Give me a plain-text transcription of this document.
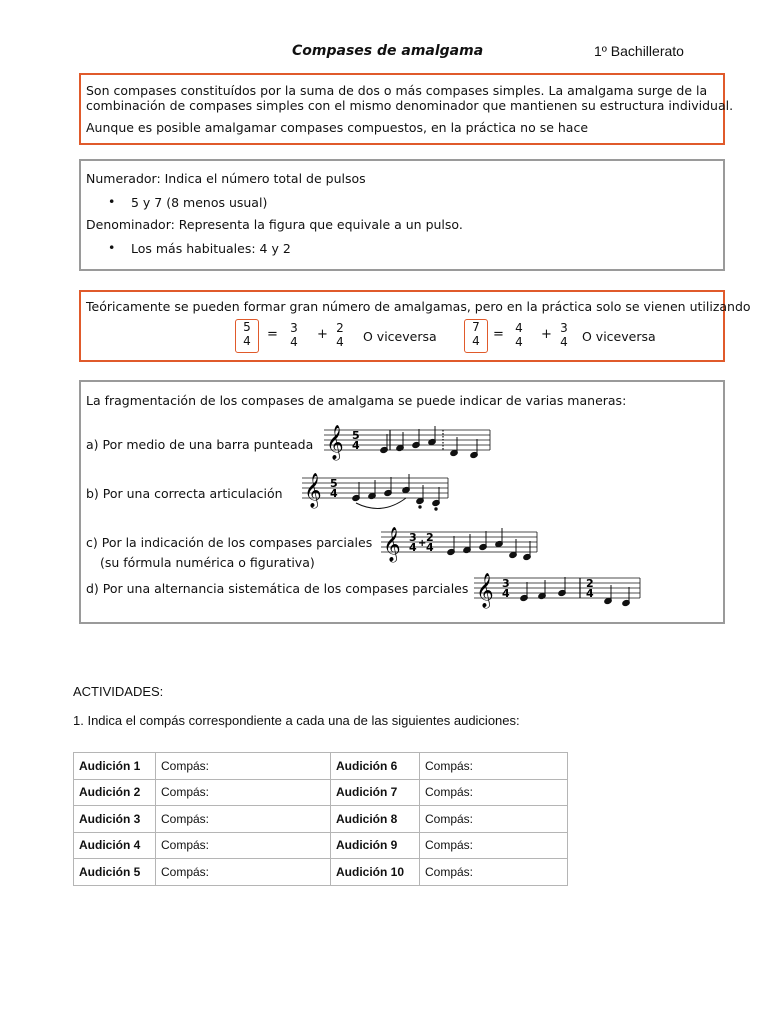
Compases de amalgama	1º Bachillerato
Son compases constituídos por la suma de dos o más compases simples. La amalgama surge de la
combinación de compases simples con el mismo denominador que mantienen su estructura individual.
Aunque es posible amalgamar compases compuestos, en la práctica no se hace
Numerador: Indica el número total de pulsos
• 5 y 7 (8 menos usual)
Denominador: Representa la figura que equivale a un pulso.
• Los más habituales: 4 y 2
Teóricamente se pueden formar gran número de amalgamas, pero en la práctica solo se vienen utilizando
5
4	=	3
4	+ 2
4	O viceversa
7
4	= 4
4	+ 3
4	O viceversa
La fragmentación de los compases de amalgama se puede indicar de varias maneras:
a) Por medio de una barra punteada
b) Por una correcta articulación
c) Por la indicación de los compases parciales
(su fórmula numérica o figurativa)
d) Por una alternancia sistemática de los compases parciales
𝄞 5
4
𝄞 5
4
𝄞 3
4 + 2
4
𝄞 3
4
2
4
ACTIVIDADES:
1. Indica el compás correspondiente a cada una de las siguientes audiciones:
Audición 1	Compás:	Audición 6	Compás:
Audición 2	Compás:	Audición 7	Compás:
Audición 3	Compás:	Audición 8	Compás:
Audición 4	Compás:	Audición 9	Compás:
Audición 5	Compás:	Audición 10	Compás:
